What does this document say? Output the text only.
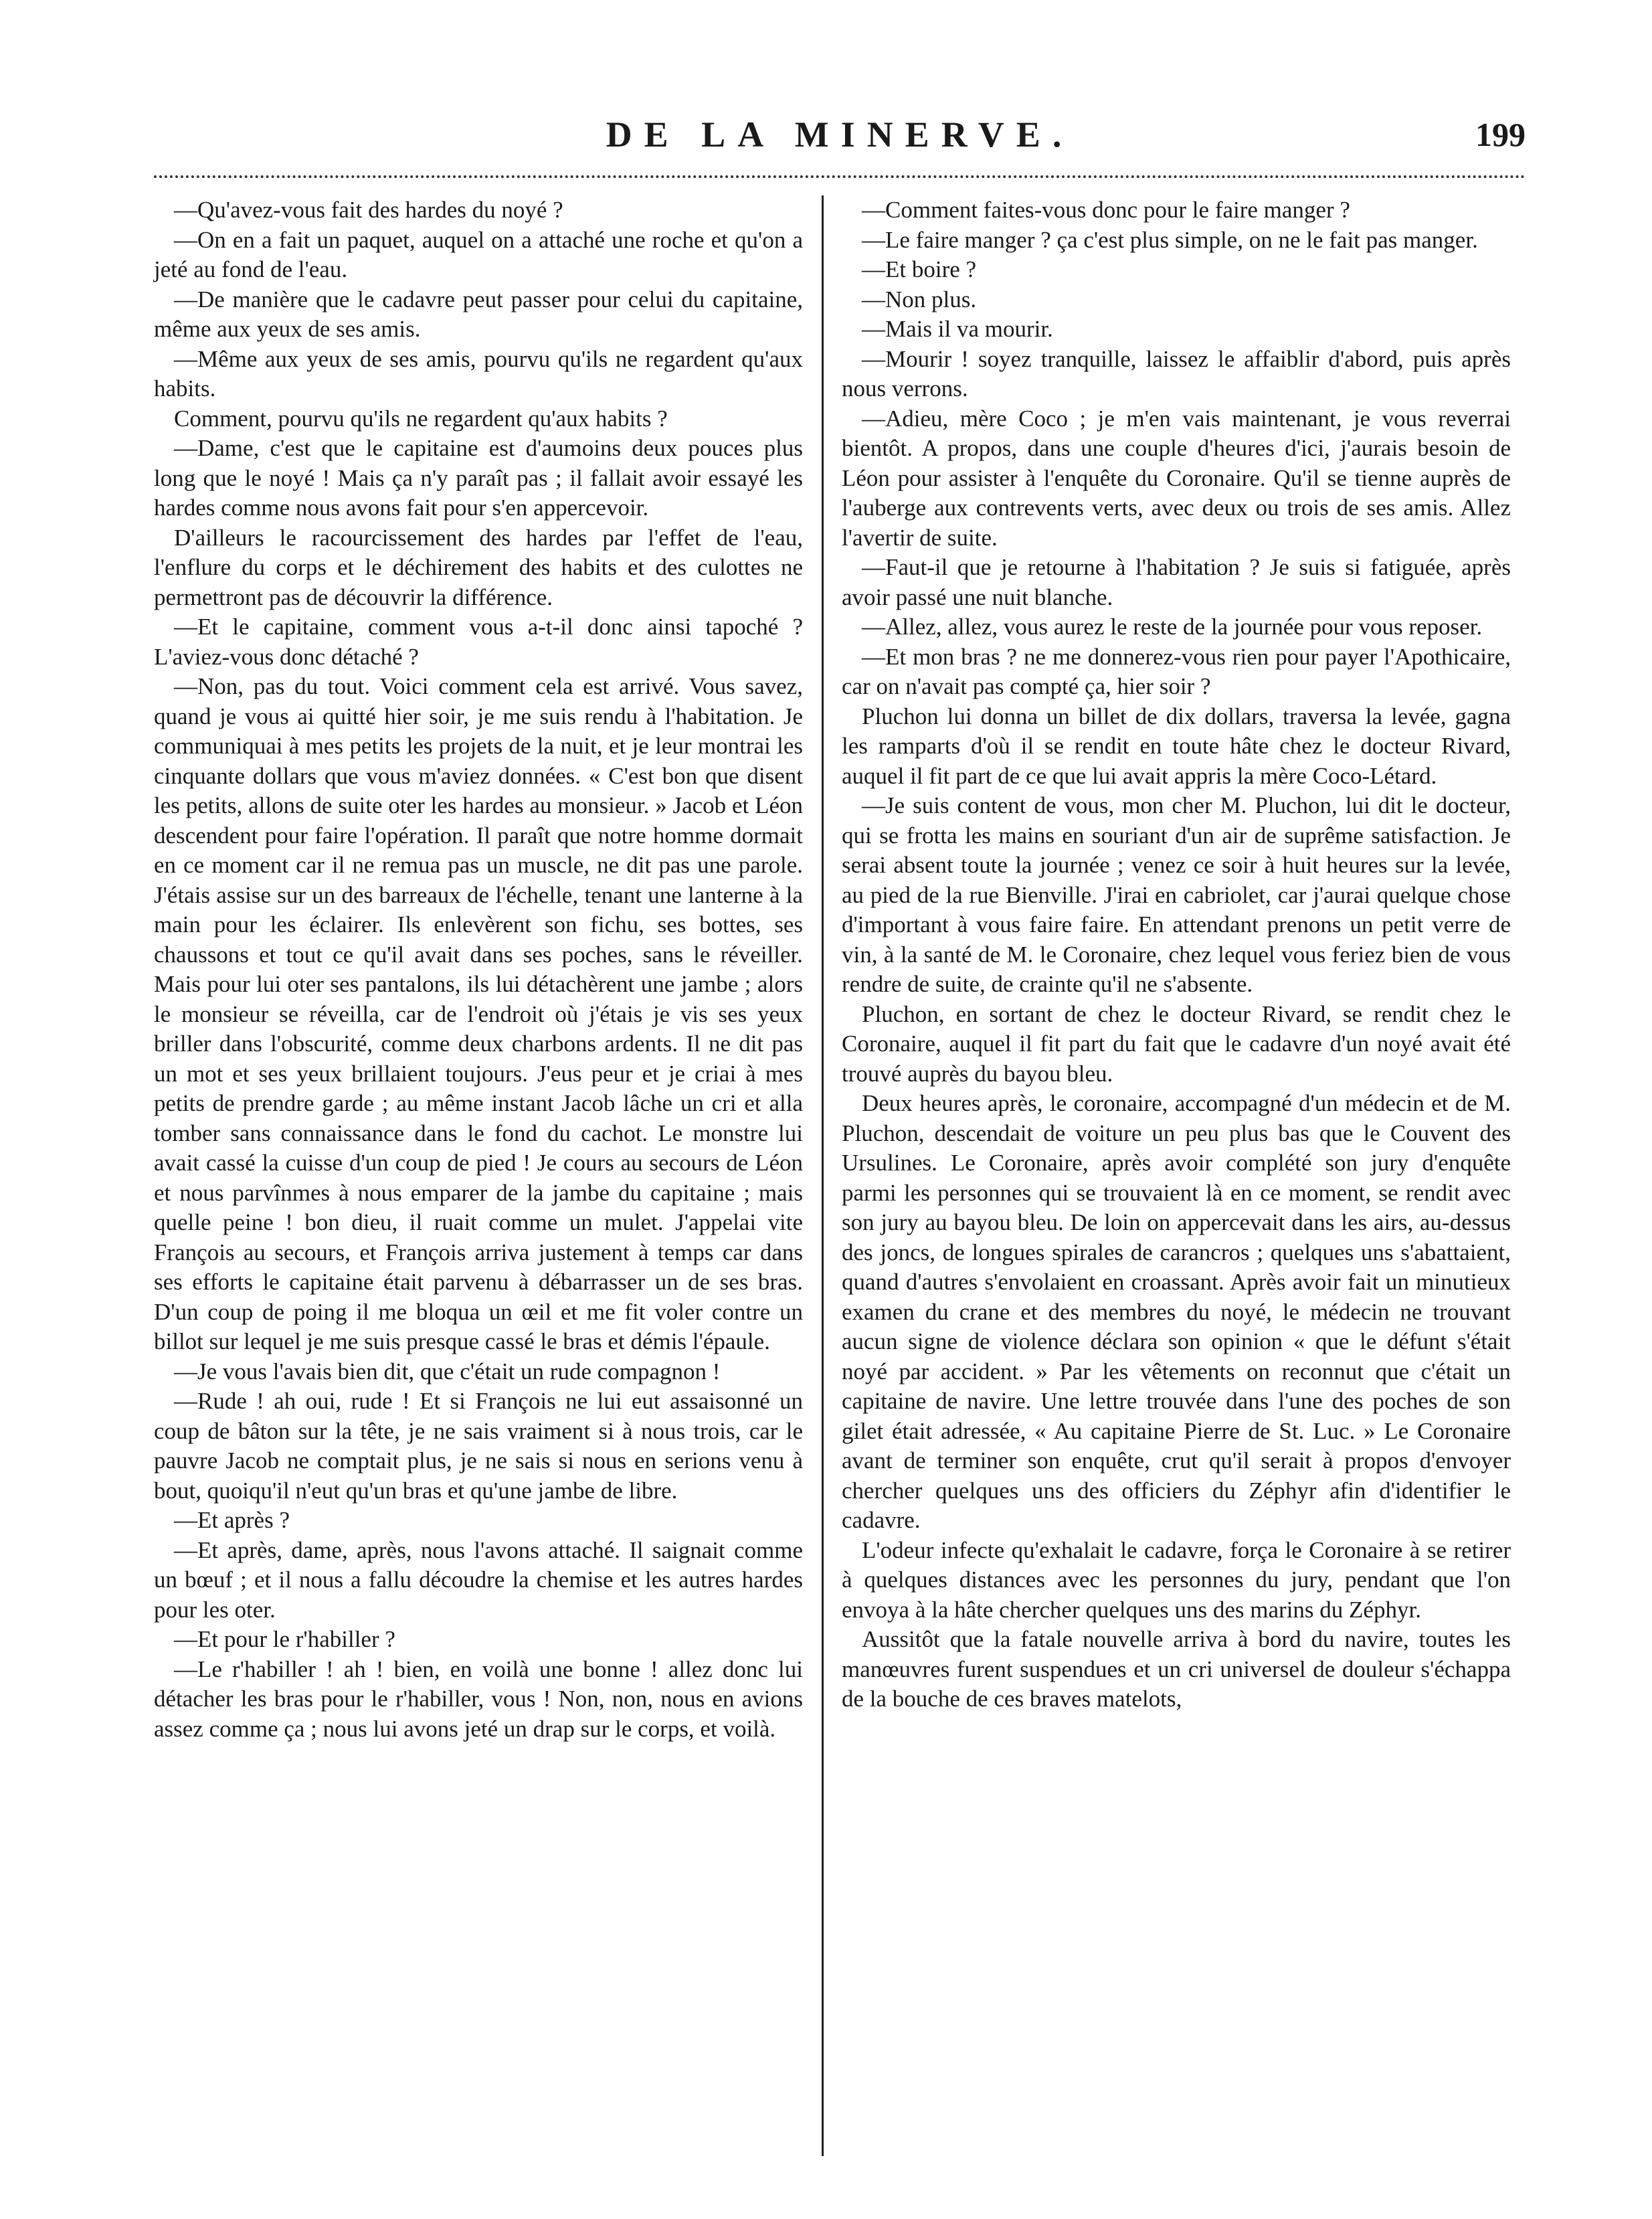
DE LA MINERVE.	199

—Qu'avez-vous fait des hardes du noyé ?

—On en a fait un paquet, auquel on a attaché une roche et qu'on a jeté au fond de l'eau.

—De manière que le cadavre peut passer pour celui du capitaine, même aux yeux de ses amis.

—Même aux yeux de ses amis, pourvu qu'ils ne regardent qu'aux habits.

Comment, pourvu qu'ils ne regardent qu'aux habits ?

—Dame, c'est que le capitaine est d'aumoins deux pouces plus long que le noyé ! Mais ça n'y paraît pas ; il fallait avoir essayé les hardes comme nous avons fait pour s'en appercevoir.

D'ailleurs le racourcissement des hardes par l'effet de l'eau, l'enflure du corps et le déchirement des habits et des culottes ne permettront pas de découvrir la différence.

—Et le capitaine, comment vous a-t-il donc ainsi tapoché ? L'aviez-vous donc détaché ?

—Non, pas du tout. Voici comment cela est arrivé. Vous savez, quand je vous ai quitté hier soir, je me suis rendu à l'habitation. Je communiquai à mes petits les projets de la nuit, et je leur montrai les cinquante dollars que vous m'aviez données. « C'est bon que disent les petits, allons de suite oter les hardes au monsieur. » Jacob et Léon descendent pour faire l'opération. Il paraît que notre homme dormait en ce moment car il ne remua pas un muscle, ne dit pas une parole. J'étais assise sur un des barreaux de l'échelle, tenant une lanterne à la main pour les éclairer. Ils enlevèrent son fichu, ses bottes, ses chaussons et tout ce qu'il avait dans ses poches, sans le réveiller. Mais pour lui oter ses pantalons, ils lui détachèrent une jambe ; alors le monsieur se réveilla, car de l'endroit où j'étais je vis ses yeux briller dans l'obscurité, comme deux charbons ardents. Il ne dit pas un mot et ses yeux brillaient toujours. J'eus peur et je criai à mes petits de prendre garde ; au même instant Jacob lâche un cri et alla tomber sans connaissance dans le fond du cachot. Le monstre lui avait cassé la cuisse d'un coup de pied ! Je cours au secours de Léon et nous parvînmes à nous emparer de la jambe du capitaine ; mais quelle peine ! bon dieu, il ruait comme un mulet. J'appelai vite François au secours, et François arriva justement à temps car dans ses efforts le capitaine était parvenu à débarrasser un de ses bras. D'un coup de poing il me bloqua un œil et me fit voler contre un billot sur lequel je me suis presque cassé le bras et démis l'épaule.

—Je vous l'avais bien dit, que c'était un rude compagnon !

—Rude ! ah oui, rude ! Et si François ne lui eut assaisonné un coup de bâton sur la tête, je ne sais vraiment si à nous trois, car le pauvre Jacob ne comptait plus, je ne sais si nous en serions venu à bout, quoiqu'il n'eut qu'un bras et qu'une jambe de libre.

—Et après ?

—Et après, dame, après, nous l'avons attaché. Il saignait comme un bœuf ; et il nous a fallu découdre la chemise et les autres hardes pour les oter.

—Et pour le r'habiller ?

—Le r'habiller ! ah ! bien, en voilà une bonne ! allez donc lui détacher les bras pour le r'habiller, vous ! Non, non, nous en avions assez comme ça ; nous lui avons jeté un drap sur le corps, et voilà.

—Comment faites-vous donc pour le faire manger ?

—Le faire manger ? ça c'est plus simple, on ne le fait pas manger.

—Et boire ?

—Non plus.

—Mais il va mourir.

—Mourir ! soyez tranquille, laissez le affaiblir d'abord, puis après nous verrons.

—Adieu, mère Coco ; je m'en vais maintenant, je vous reverrai bientôt. A propos, dans une couple d'heures d'ici, j'aurais besoin de Léon pour assister à l'enquête du Coronaire. Qu'il se tienne auprès de l'auberge aux contrevents verts, avec deux ou trois de ses amis. Allez l'avertir de suite.

—Faut-il que je retourne à l'habitation ? Je suis si fatiguée, après avoir passé une nuit blanche.

—Allez, allez, vous aurez le reste de la journée pour vous reposer.

—Et mon bras ? ne me donnerez-vous rien pour payer l'Apothicaire, car on n'avait pas compté ça, hier soir ?

Pluchon lui donna un billet de dix dollars, traversa la levée, gagna les ramparts d'où il se rendit en toute hâte chez le docteur Rivard, auquel il fit part de ce que lui avait appris la mère Coco-Létard.

—Je suis content de vous, mon cher M. Pluchon, lui dit le docteur, qui se frotta les mains en souriant d'un air de suprême satisfaction. Je serai absent toute la journée ; venez ce soir à huit heures sur la levée, au pied de la rue Bienville. J'irai en cabriolet, car j'aurai quelque chose d'important à vous faire faire. En attendant prenons un petit verre de vin, à la santé de M. le Coronaire, chez lequel vous feriez bien de vous rendre de suite, de crainte qu'il ne s'absente.

Pluchon, en sortant de chez le docteur Rivard, se rendit chez le Coronaire, auquel il fit part du fait que le cadavre d'un noyé avait été trouvé auprès du bayou bleu.

Deux heures après, le coronaire, accompagné d'un médecin et de M. Pluchon, descendait de voiture un peu plus bas que le Couvent des Ursulines. Le Coronaire, après avoir complété son jury d'enquête parmi les personnes qui se trouvaient là en ce moment, se rendit avec son jury au bayou bleu. De loin on appercevait dans les airs, au-dessus des joncs, de longues spirales de carancros ; quelques uns s'abattaient, quand d'autres s'envolaient en croassant. Après avoir fait un minutieux examen du crane et des membres du noyé, le médecin ne trouvant aucun signe de violence déclara son opinion « que le défunt s'était noyé par accident. » Par les vêtements on reconnut que c'était un capitaine de navire. Une lettre trouvée dans l'une des poches de son gilet était adressée, « Au capitaine Pierre de St. Luc. » Le Coronaire avant de terminer son enquête, crut qu'il serait à propos d'envoyer chercher quelques uns des officiers du Zéphyr afin d'identifier le cadavre.

L'odeur infecte qu'exhalait le cadavre, força le Coronaire à se retirer à quelques distances avec les personnes du jury, pendant que l'on envoya à la hâte chercher quelques uns des marins du Zéphyr.

Aussitôt que la fatale nouvelle arriva à bord du navire, toutes les manœuvres furent suspendues et un cri universel de douleur s'échappa de la bouche de ces braves matelots,
